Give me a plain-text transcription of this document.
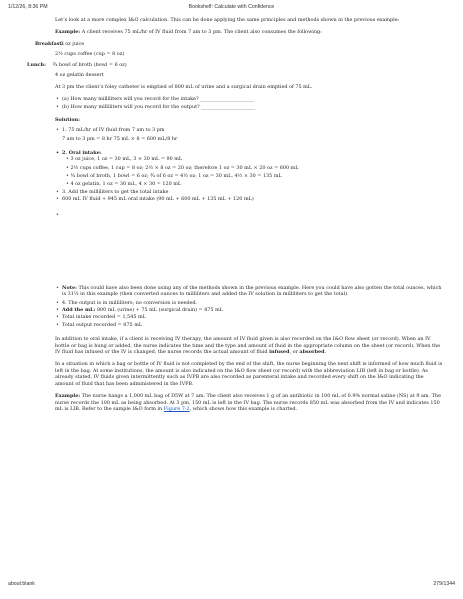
1/12/26, 8:36 PM	Bookshelf: Calculate with Confidence

Let’s look at a more complex I&O calculation. This can be done applying the same principles and methods shown in the previous example:

Example: A client receives 75 mL/hr of IV fluid from 7 am to 3 pm. The client also consumes the following:

Breakfast: 3 oz juice
2½ cups coffee (cup = 8 oz)
Lunch: ¾ bowl of broth (bowl = 6 oz)
4 oz gelatin dessert

At 3 pm the client’s foley catheter is emptied of 800 mL of urine and a surgical drain emptied of 75 mL.

• (a) How many milliliters will you record for the intake? ______________________
• (b) How many milliliters will you record for the output? ______________________

Solution:

• 1. 75 mL/hr of IV fluid from 7 am to 3 pm
7 am to 3 pm = 8 hr 75 mL × 8 = 600 mL/8 hr
• 2. Oral intake:
• 3 oz juice, 1 oz = 30 mL, 3 × 30 mL = 90 mL
• 2½ cups coffee, 1 cup = 8 oz; 2½ × 8 oz = 20 oz; therefore 1 oz = 30 mL × 20 oz = 600 mL
• ¾ bowl of broth, 1 bowl = 6 oz; ¾ of 6 oz = 4½ oz; 1 oz = 30 mL, 4½ × 30 = 135 mL
• 4 oz gelatin, 1 oz = 30 mL, 4 × 30 = 120 mL
• 3. Add the milliliters to get the total intake
• 600 mL IV fluid + 945 mL oral intake (90 mL + 600 mL + 135 mL + 120 mL)
•
• Note: This could have also been done using any of the methods shown in the previous example. Here you could have also gotten the total ounces, which is 31½ in this example (then converted ounces to milliliters and added the IV solution in milliliters to get the total).
• 4. The output is in milliliters; no conversion is needed.
• Add the mL: 800 mL (urine) + 75 mL (surgical drain) = 875 mL
• Total intake recorded = 1,545 mL
• Total output recorded = 875 mL

In addition to oral intake, if a client is receiving IV therapy, the amount of IV fluid given is also recorded on the I&O flow sheet (or record). When an IV bottle or bag is hung or added, the nurse indicates the time and the type and amount of fluid in the appropriate column on the sheet (or record). When the IV fluid has infused or the IV is changed, the nurse records the actual amount of fluid infused, or absorbed.

In a situation in which a bag or bottle of IV fluid is not completed by the end of the shift, the nurse beginning the next shift is informed of how much fluid is left in the bag. At some institutions, the amount is also indicated on the I&O flow sheet (or record) with the abbreviation LIB (left in bag or bottle). As already stated, IV fluids given intermittently such as IVPB are also recorded as parenteral intake and recorded every shift on the I&O indicating the amount of fluid that has been administered in the IVPB.

Example: The nurse hangs a 1,000 mL bag of D5W at 7 am. The client also receives 1 g of an antibiotic in 100 mL of 0.9% normal saline (NS) at 9 am. The nurse records the 100 mL as being absorbed. At 3 pm, 150 mL is left in the IV bag. The nurse records 850 mL was absorbed from the IV and indicates 150 mL is LIB. Refer to the sample I&O form in Figure 7-2, which shows how this example is charted.

about:blank	279/1344
